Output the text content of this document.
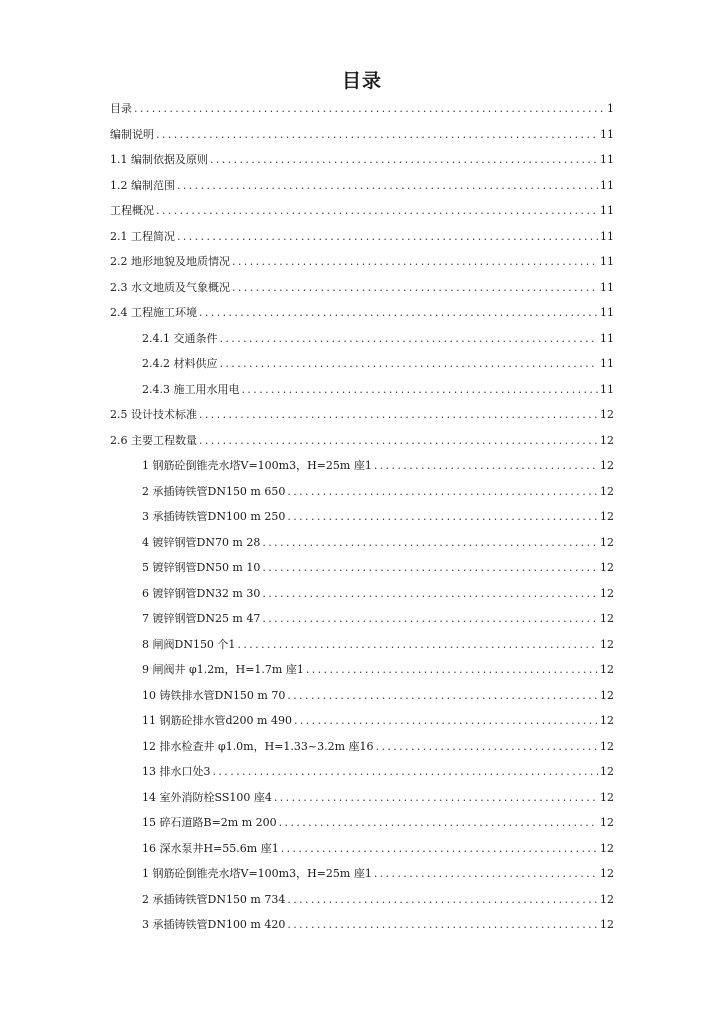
目录
目录 .....	1
编制说明 .....	11
1.1 编制依据及原则 .....	11
1.2 编制范围 .....	11
工程概况 .....	11
2.1 工程简况 .....	11
2.2 地形地貌及地质情况 .....	11
2.3 水文地质及气象概况 .....	11
2.4 工程施工环境 .....	11
2.4.1 交通条件 .....	11
2.4.2 材料供应 .....	11
2.4.3 施工用水用电 .....	11
2.5 设计技术标准 .....	12
2.6 主要工程数量 .....	12
1 钢筋砼倒锥壳水塔V=100m3，H=25m 座1 .....	12
2 承插铸铁管DN150 m 650 .....	12
3 承插铸铁管DN100 m 250 .....	12
4 镀锌钢管DN70 m 28 .....	12
5 镀锌钢管DN50 m 10 .....	12
6 镀锌钢管DN32 m 30 .....	12
7 镀锌钢管DN25 m 47 .....	12
8 闸阀DN150 个1 .....	12
9 闸阀井 φ1.2m，H=1.7m 座1 .....	12
10 铸铁排水管DN150 m 70 .....	12
11 钢筋砼排水管d200 m 490 .....	12
12 排水检查井 φ1.0m，H=1.33~3.2m 座16 .....	12
13 排水口处3 .....	12
14 室外消防栓SS100 座4 .....	12
15 碎石道路B=2m m 200 .....	12
16 深水泵井H=55.6m 座1 .....	12
1 钢筋砼倒锥壳水塔V=100m3，H=25m 座1 .....	12
2 承插铸铁管DN150 m 734 .....	12
3 承插铸铁管DN100 m 420 .....	12
